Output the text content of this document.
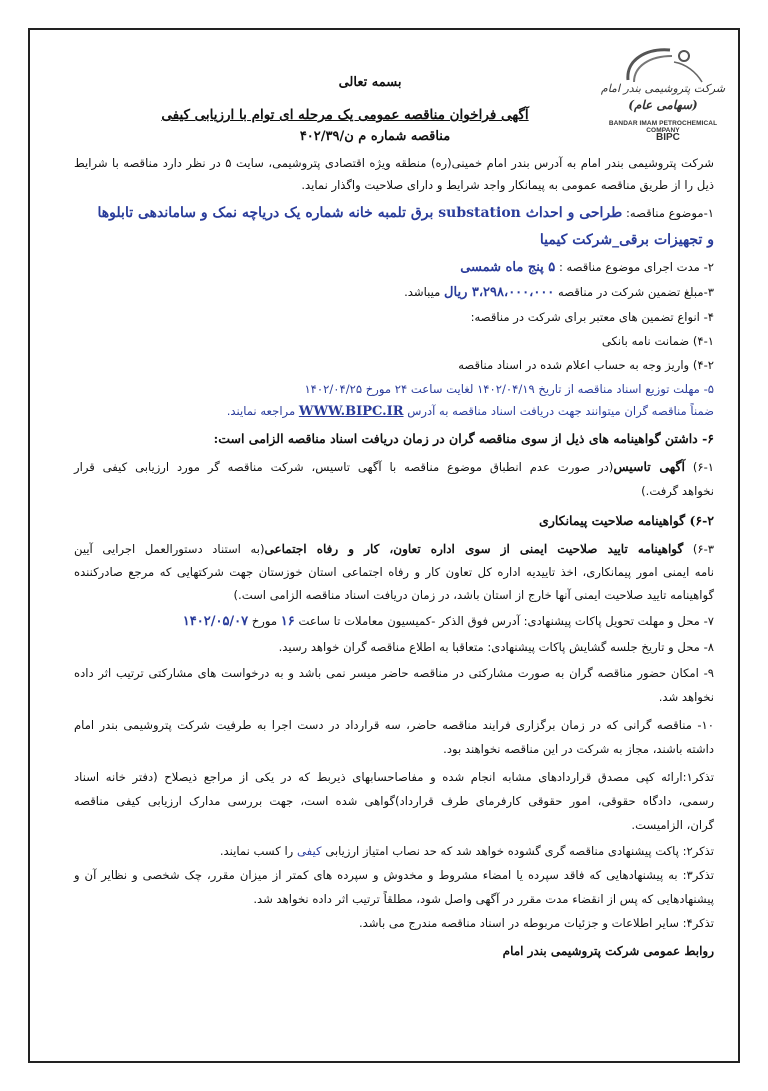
شرکت پتروشیمی بندر امام
(سهامی عام)
BANDAR IMAM PETROCHEMICAL COMPANY
BIPC
بسمه تعالی
آگهی فراخوان مناقصه عمومی یک مرحله ای توام با ارزیابی کیفی
مناقصه شماره م ن/۴۰۲/۳۹
شرکت پتروشیمی بندر امام به آدرس بندر امام خمینی(ره) منطقه ویژه اقتصادی پتروشیمی، سایت ۵ در نظر دارد مناقصه با شرایط
ذیل را از طریق مناقصه عمومی به پیمانکار واجد شرایط و دارای صلاحیت واگذار نماید.
۱-موضوع مناقصه: طراحی و احداث substation برق تلمبه خانه شماره یک دریاچه نمک و ساماندهی تابلوها
و تجهیزات برقی_شرکت کیمیا
۲- مدت اجرای موضوع مناقصه : ۵ پنج ماه شمسی
۳-مبلغ تضمین شرکت در مناقصه ۳،۲۹۸،۰۰۰،۰۰۰ ریال میباشد.
۴- انواع تضمین های معتبر برای شرکت در مناقصه:
۴-۱) ضمانت نامه بانکی
۴-۲) واریز وجه به حساب اعلام شده در اسناد مناقصه
۵- مهلت توزیع اسناد مناقصه از تاریخ ۱۴۰۲/۰۴/۱۹ لغایت ساعت ۲۴ مورخ ۱۴۰۲/۰۴/۲۵
ضمناً مناقصه گران میتوانند جهت دریافت اسناد مناقصه به آدرس WWW.BIPC.IR مراجعه نمایند.
۶- داشتن گواهینامه های ذیل از سوی مناقصه گران در زمان دریافت اسناد مناقصه الزامی است:
۶-۱) آگهی تاسیس(در صورت عدم انطباق موضوع مناقصه با آگهی تاسیس، شرکت مناقصه گر مورد ارزیابی کیفی قرار
نخواهد گرفت.)
۶-۲) گواهینامه صلاحیت پیمانکاری
۶-۳) گواهینامه تایید صلاحیت ایمنی از سوی اداره تعاون، کار و رفاه اجتماعی(به استناد دستورالعمل اجرایی آیین
نامه ایمنی امور پیمانکاری، اخذ تاییدیه اداره کل تعاون کار و رفاه اجتماعی استان خوزستان جهت شرکتهایی که مرجع صادرکننده
گواهینامه تایید صلاحیت ایمنی آنها خارج از استان باشد، در زمان دریافت اسناد مناقصه الزامی است.)
۷- محل و مهلت تحویل پاکات پیشنهادی: آدرس فوق الذکر -کمیسیون معاملات تا ساعت ۱۶ مورخ ۱۴۰۲/۰۵/۰۷
۸- محل و تاریخ جلسه گشایش پاکات پیشنهادی: متعاقبا به اطلاع مناقصه گران خواهد رسید.
۹- امکان حضور مناقصه گران به صورت مشارکتی در مناقصه حاضر میسر نمی باشد و به درخواست های مشارکتی ترتیب اثر داده
نخواهد شد.
۱۰- مناقصه گرانی که در زمان برگزاری فرایند مناقصه حاضر، سه قرارداد در دست اجرا به طرفیت شرکت پتروشیمی بندر امام
داشته باشند، مجاز به شرکت در این مناقصه نخواهند بود.
تذکر۱:ارائه کپی مصدق قراردادهای مشابه انجام شده و مفاصاحسابهای ذیربط که در یکی از مراجع ذیصلاح (دفتر خانه اسناد
رسمی، دادگاه حقوقی، امور حقوقی کارفرمای طرف قرارداد)گواهی شده است، جهت بررسی مدارک ارزیابی کیفی مناقصه
گران، الزامیست.
تذکر۲: پاکت پیشنهادی مناقصه گری گشوده خواهد شد که حد نصاب امتیاز ارزیابی کیفی را کسب نمایند.
تذکر۳: به پیشنهادهایی که فاقد سپرده یا امضاء مشروط و مخدوش و سپرده های کمتر از میزان مقرر، چک شخصی و نظایر آن و
پیشنهادهایی که پس از انقضاء مدت مقرر در آگهی واصل شود، مطلقاً ترتیب اثر داده نخواهد شد.
تذکر۴: سایر اطلاعات و جزئیات مربوطه در اسناد مناقصه مندرج می باشد.
روابط عمومی شرکت پتروشیمی بندر امام
